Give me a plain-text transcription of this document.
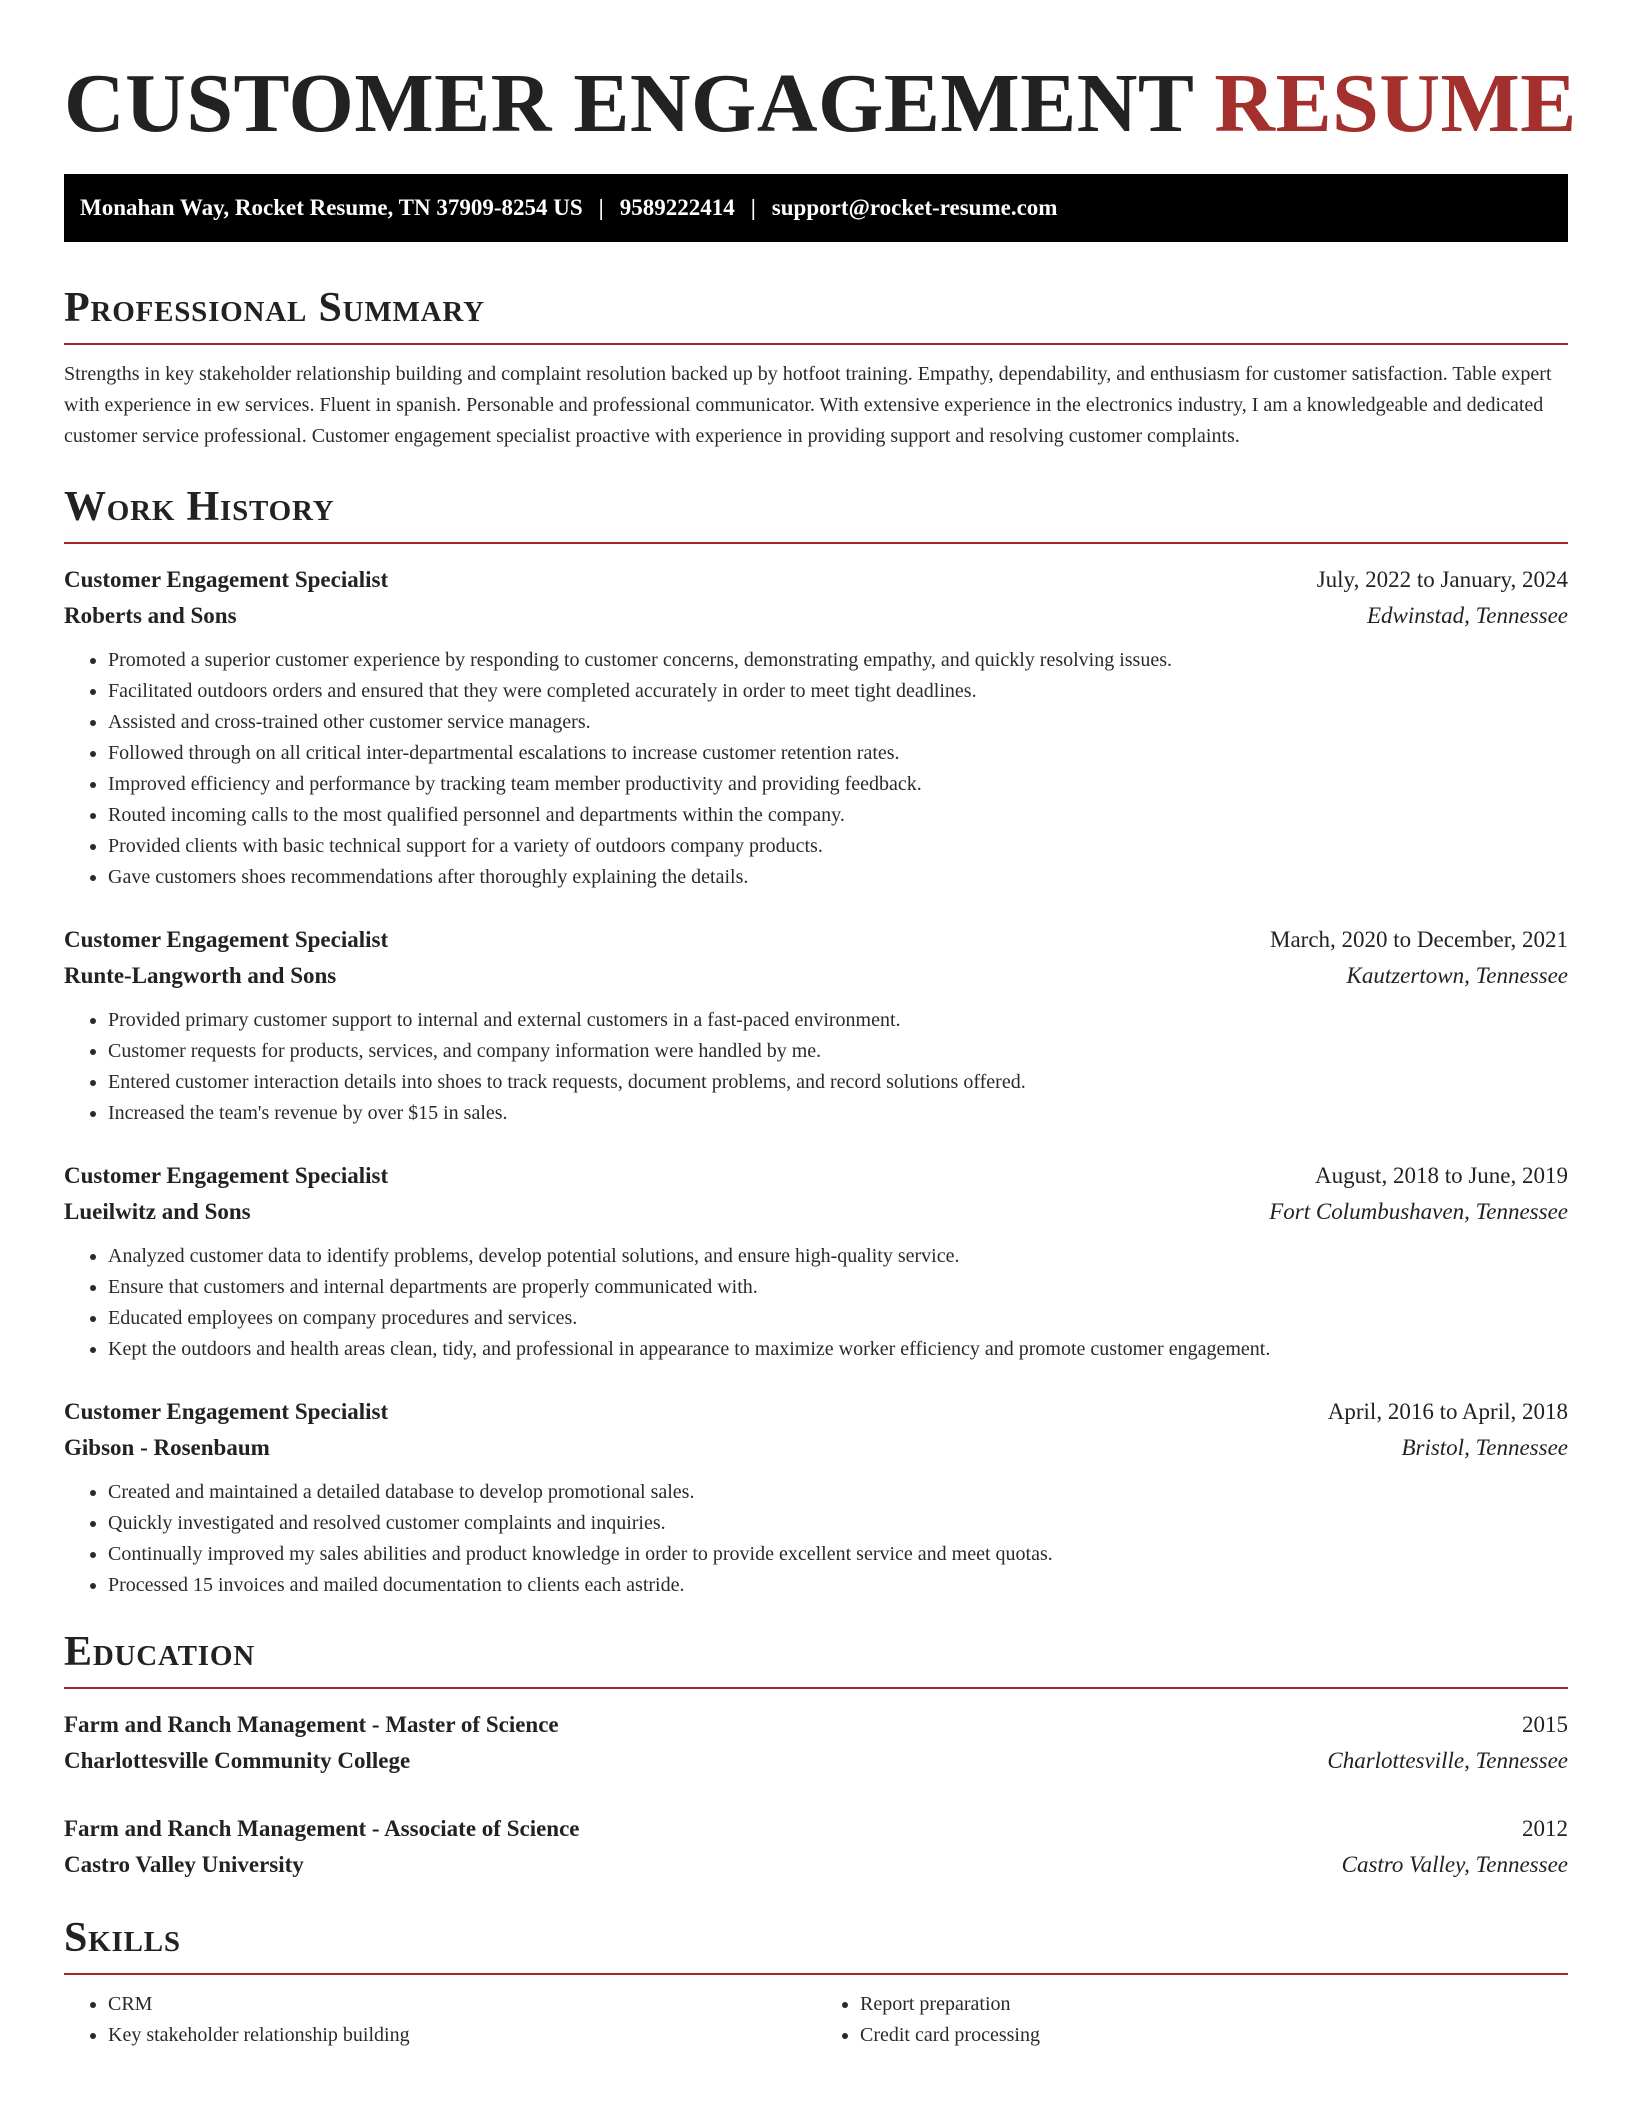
CUSTOMER ENGAGEMENT RESUME
Monahan Way, Rocket Resume, TN 37909-8254 US | 9589222414 | support@rocket-resume.com
Professional Summary

Strengths in key stakeholder relationship building and complaint resolution backed up by hotfoot training. Empathy, dependability, and enthusiasm for customer satisfaction. Table expert with experience in ew services. Fluent in spanish. Personable and professional communicator. With extensive experience in the electronics industry, I am a knowledgeable and dedicated customer service professional. Customer engagement specialist proactive with experience in providing support and resolving customer complaints.

Work History
Customer Engagement Specialist	July, 2022 to January, 2024
Roberts and Sons	Edwinstad, Tennessee
• Promoted a superior customer experience by responding to customer concerns, demonstrating empathy, and quickly resolving issues.
• Facilitated outdoors orders and ensured that they were completed accurately in order to meet tight deadlines.
• Assisted and cross-trained other customer service managers.
• Followed through on all critical inter-departmental escalations to increase customer retention rates.
• Improved efficiency and performance by tracking team member productivity and providing feedback.
• Routed incoming calls to the most qualified personnel and departments within the company.
• Provided clients with basic technical support for a variety of outdoors company products.
• Gave customers shoes recommendations after thoroughly explaining the details.
Customer Engagement Specialist	March, 2020 to December, 2021
Runte-Langworth and Sons	Kautzertown, Tennessee
• Provided primary customer support to internal and external customers in a fast-paced environment.
• Customer requests for products, services, and company information were handled by me.
• Entered customer interaction details into shoes to track requests, document problems, and record solutions offered.
• Increased the team's revenue by over $15 in sales.
Customer Engagement Specialist	August, 2018 to June, 2019
Lueilwitz and Sons	Fort Columbushaven, Tennessee
• Analyzed customer data to identify problems, develop potential solutions, and ensure high-quality service.
• Ensure that customers and internal departments are properly communicated with.
• Educated employees on company procedures and services.
• Kept the outdoors and health areas clean, tidy, and professional in appearance to maximize worker efficiency and promote customer engagement.
Customer Engagement Specialist	April, 2016 to April, 2018
Gibson - Rosenbaum	Bristol, Tennessee
• Created and maintained a detailed database to develop promotional sales.
• Quickly investigated and resolved customer complaints and inquiries.
• Continually improved my sales abilities and product knowledge in order to provide excellent service and meet quotas.
• Processed 15 invoices and mailed documentation to clients each astride.
Education
Farm and Ranch Management - Master of Science	2015
Charlottesville Community College	Charlottesville, Tennessee
Farm and Ranch Management - Associate of Science	2012
Castro Valley University	Castro Valley, Tennessee
Skills
• CRM
• Key stakeholder relationship building
• Report preparation
• Credit card processing
